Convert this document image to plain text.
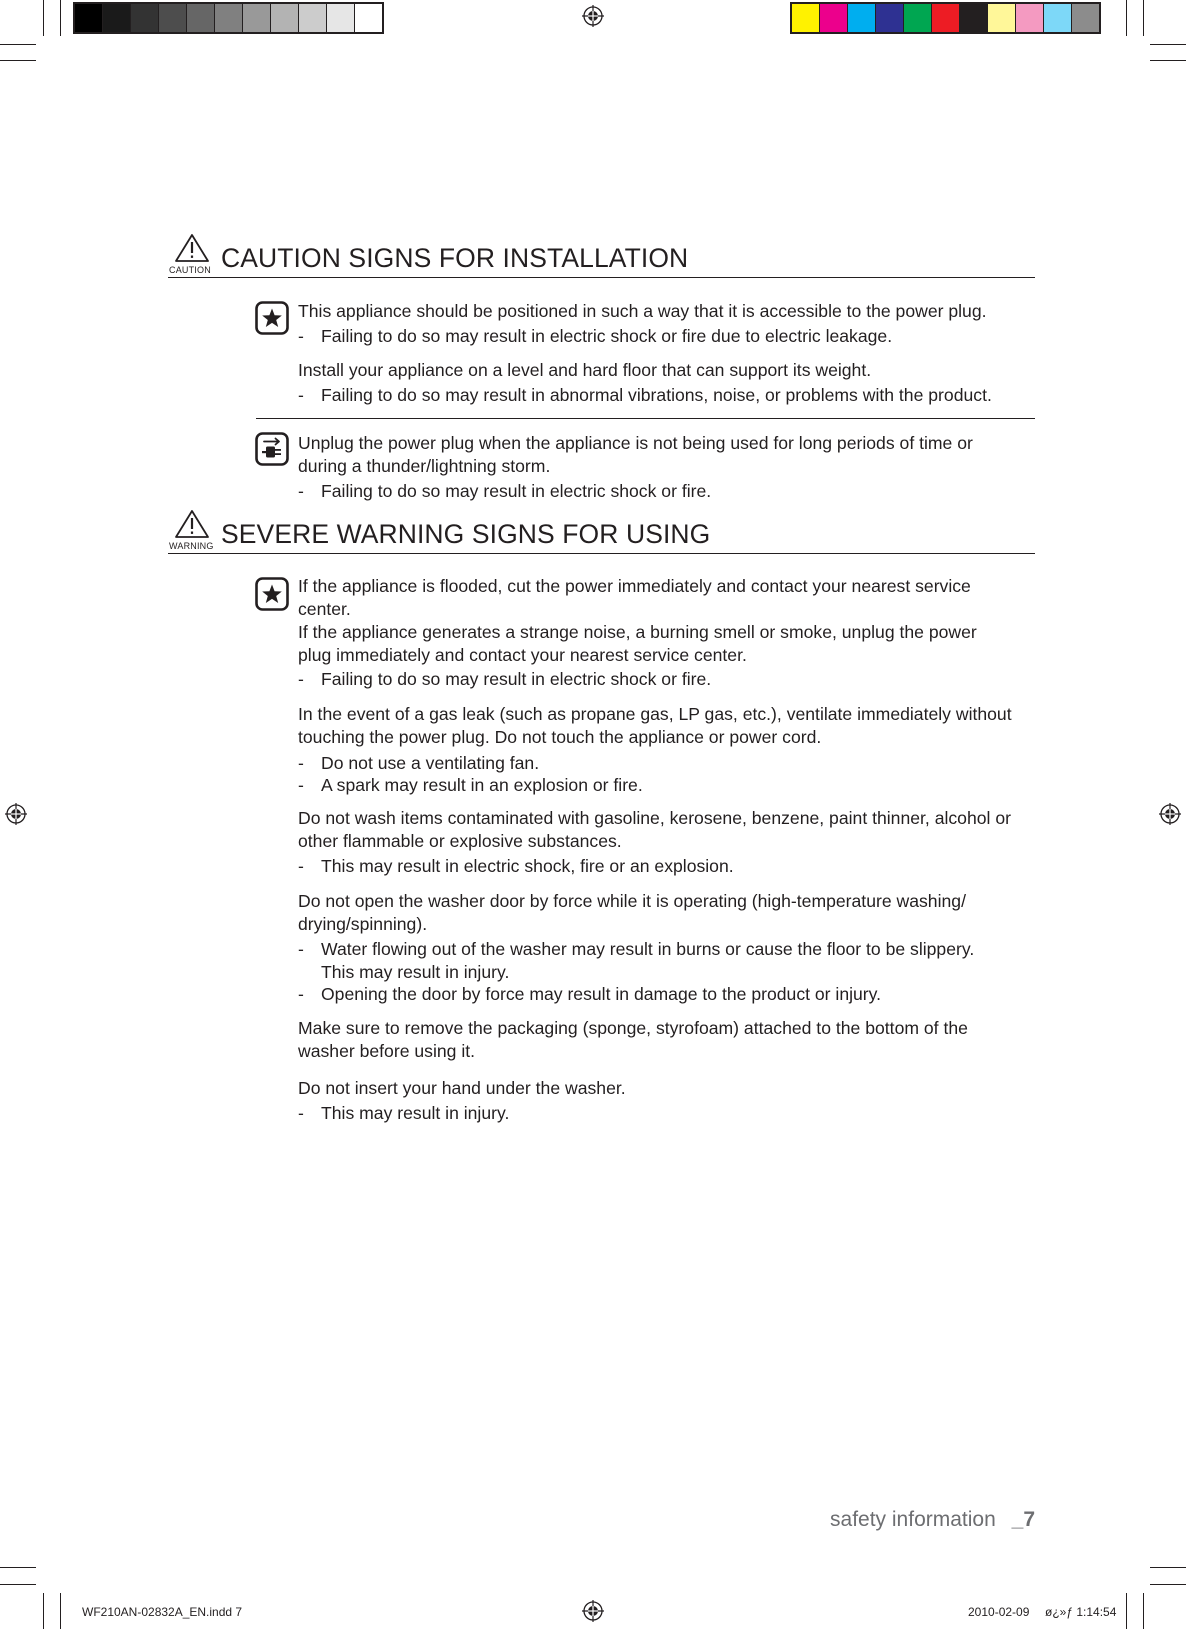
CAUTION CAUTION SIGNS FOR INSTALLATION
This appliance should be positioned in such a way that it is accessible to the power plug.
- Failing to do so may result in electric shock or fire due to electric leakage.
Install your appliance on a level and hard floor that can support its weight.
- Failing to do so may result in abnormal vibrations, noise, or problems with the product.
Unplug the power plug when the appliance is not being used for long periods of time or
during a thunder/lightning storm.
- Failing to do so may result in electric shock or fire.
WARNING SEVERE WARNING SIGNS FOR USING
If the appliance is flooded, cut the power immediately and contact your nearest service
center.
If the appliance generates a strange noise, a burning smell or smoke, unplug the power
plug immediately and contact your nearest service center.
- Failing to do so may result in electric shock or fire.
In the event of a gas leak (such as propane gas, LP gas, etc.), ventilate immediately without
touching the power plug. Do not touch the appliance or power cord.
- Do not use a ventilating fan.
- A spark may result in an explosion or fire.
Do not wash items contaminated with gasoline, kerosene, benzene, paint thinner, alcohol or
other flammable or explosive substances.
- This may result in electric shock, fire or an explosion.
Do not open the washer door by force while it is operating (high-temperature washing/
drying/spinning).
- Water flowing out of the washer may result in burns or cause the floor to be slippery.
This may result in injury.
- Opening the door by force may result in damage to the product or injury.
Make sure to remove the packaging (sponge, styrofoam) attached to the bottom of the
washer before using it.
Do not insert your hand under the washer.
- This may result in injury.
safety information _7
WF210AN-02832A_EN.indd 7	2010-02-09 ø¿»ƒ 1:14:54
